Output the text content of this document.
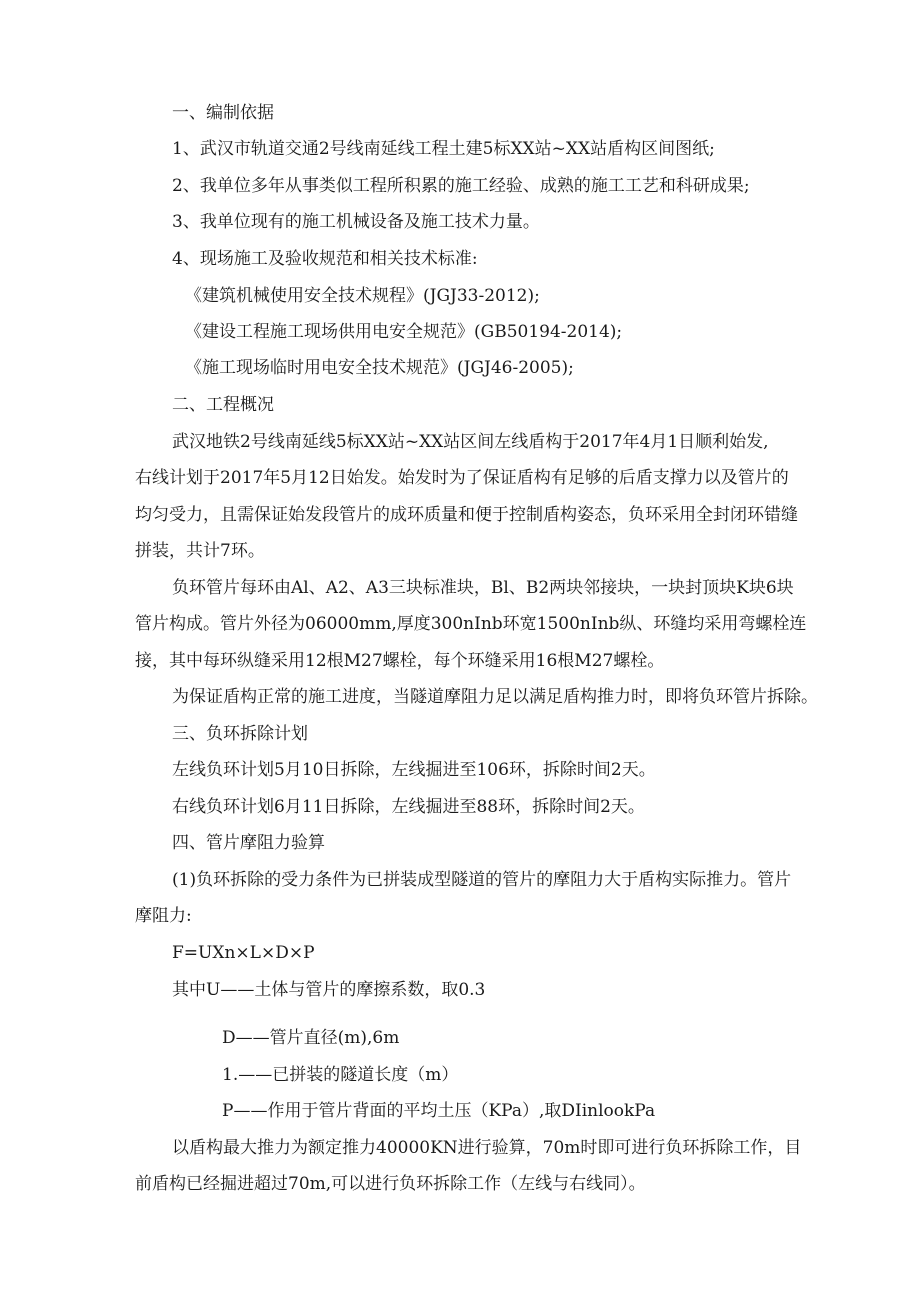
一、编制依据
1、武汉市轨道交通2号线南延线工程土建5标XX站~XX站盾构区间图纸;
2、我单位多年从事类似工程所积累的施工经验、成熟的施工工艺和科研成果;
3、我单位现有的施工机械设备及施工技术力量。
4、现场施工及验收规范和相关技术标准:
《建筑机械使用安全技术规程》(JGJ33-2012);
《建设工程施工现场供用电安全规范》(GB50194-2014);
《施工现场临时用电安全技术规范》(JGJ46-2005);
二、工程概况
武汉地铁2号线南延线5标XX站~XX站区间左线盾构于2017年4月1日顺利始发,
右线计划于2017年5月12日始发。始发时为了保证盾构有足够的后盾支撑力以及管片的
均匀受力，且需保证始发段管片的成环质量和便于控制盾构姿态，负环采用全封闭环错缝
拼装，共计7环。
负环管片每环由Al、A2、A3三块标准块，Bl、B2两块邻接块，一块封顶块K块6块
管片构成。管片外径为06000mm,厚度300nInb环宽1500nInb纵、环缝均采用弯螺栓连
接，其中每环纵缝采用12根M27螺栓，每个环缝采用16根M27螺栓。
为保证盾构正常的施工进度，当隧道摩阻力足以满足盾构推力时，即将负环管片拆除。
三、负环拆除计划
左线负环计划5月10日拆除，左线掘进至106环，拆除时间2天。
右线负环计划6月11日拆除，左线掘进至88环，拆除时间2天。
四、管片摩阻力验算
(1)负环拆除的受力条件为已拼装成型隧道的管片的摩阻力大于盾构实际推力。管片
摩阻力:
F=UXn×L×D×P
其中U——土体与管片的摩擦系数，取0.3
D——管片直径(m),6m
1.——已拼装的隧道长度（m）
P——作用于管片背面的平均土压（KPa）,取DIinlookPa
以盾构最大推力为额定推力40000KN进行验算，70m时即可进行负环拆除工作，目
前盾构已经掘进超过70m,可以进行负环拆除工作（左线与右线同）。
